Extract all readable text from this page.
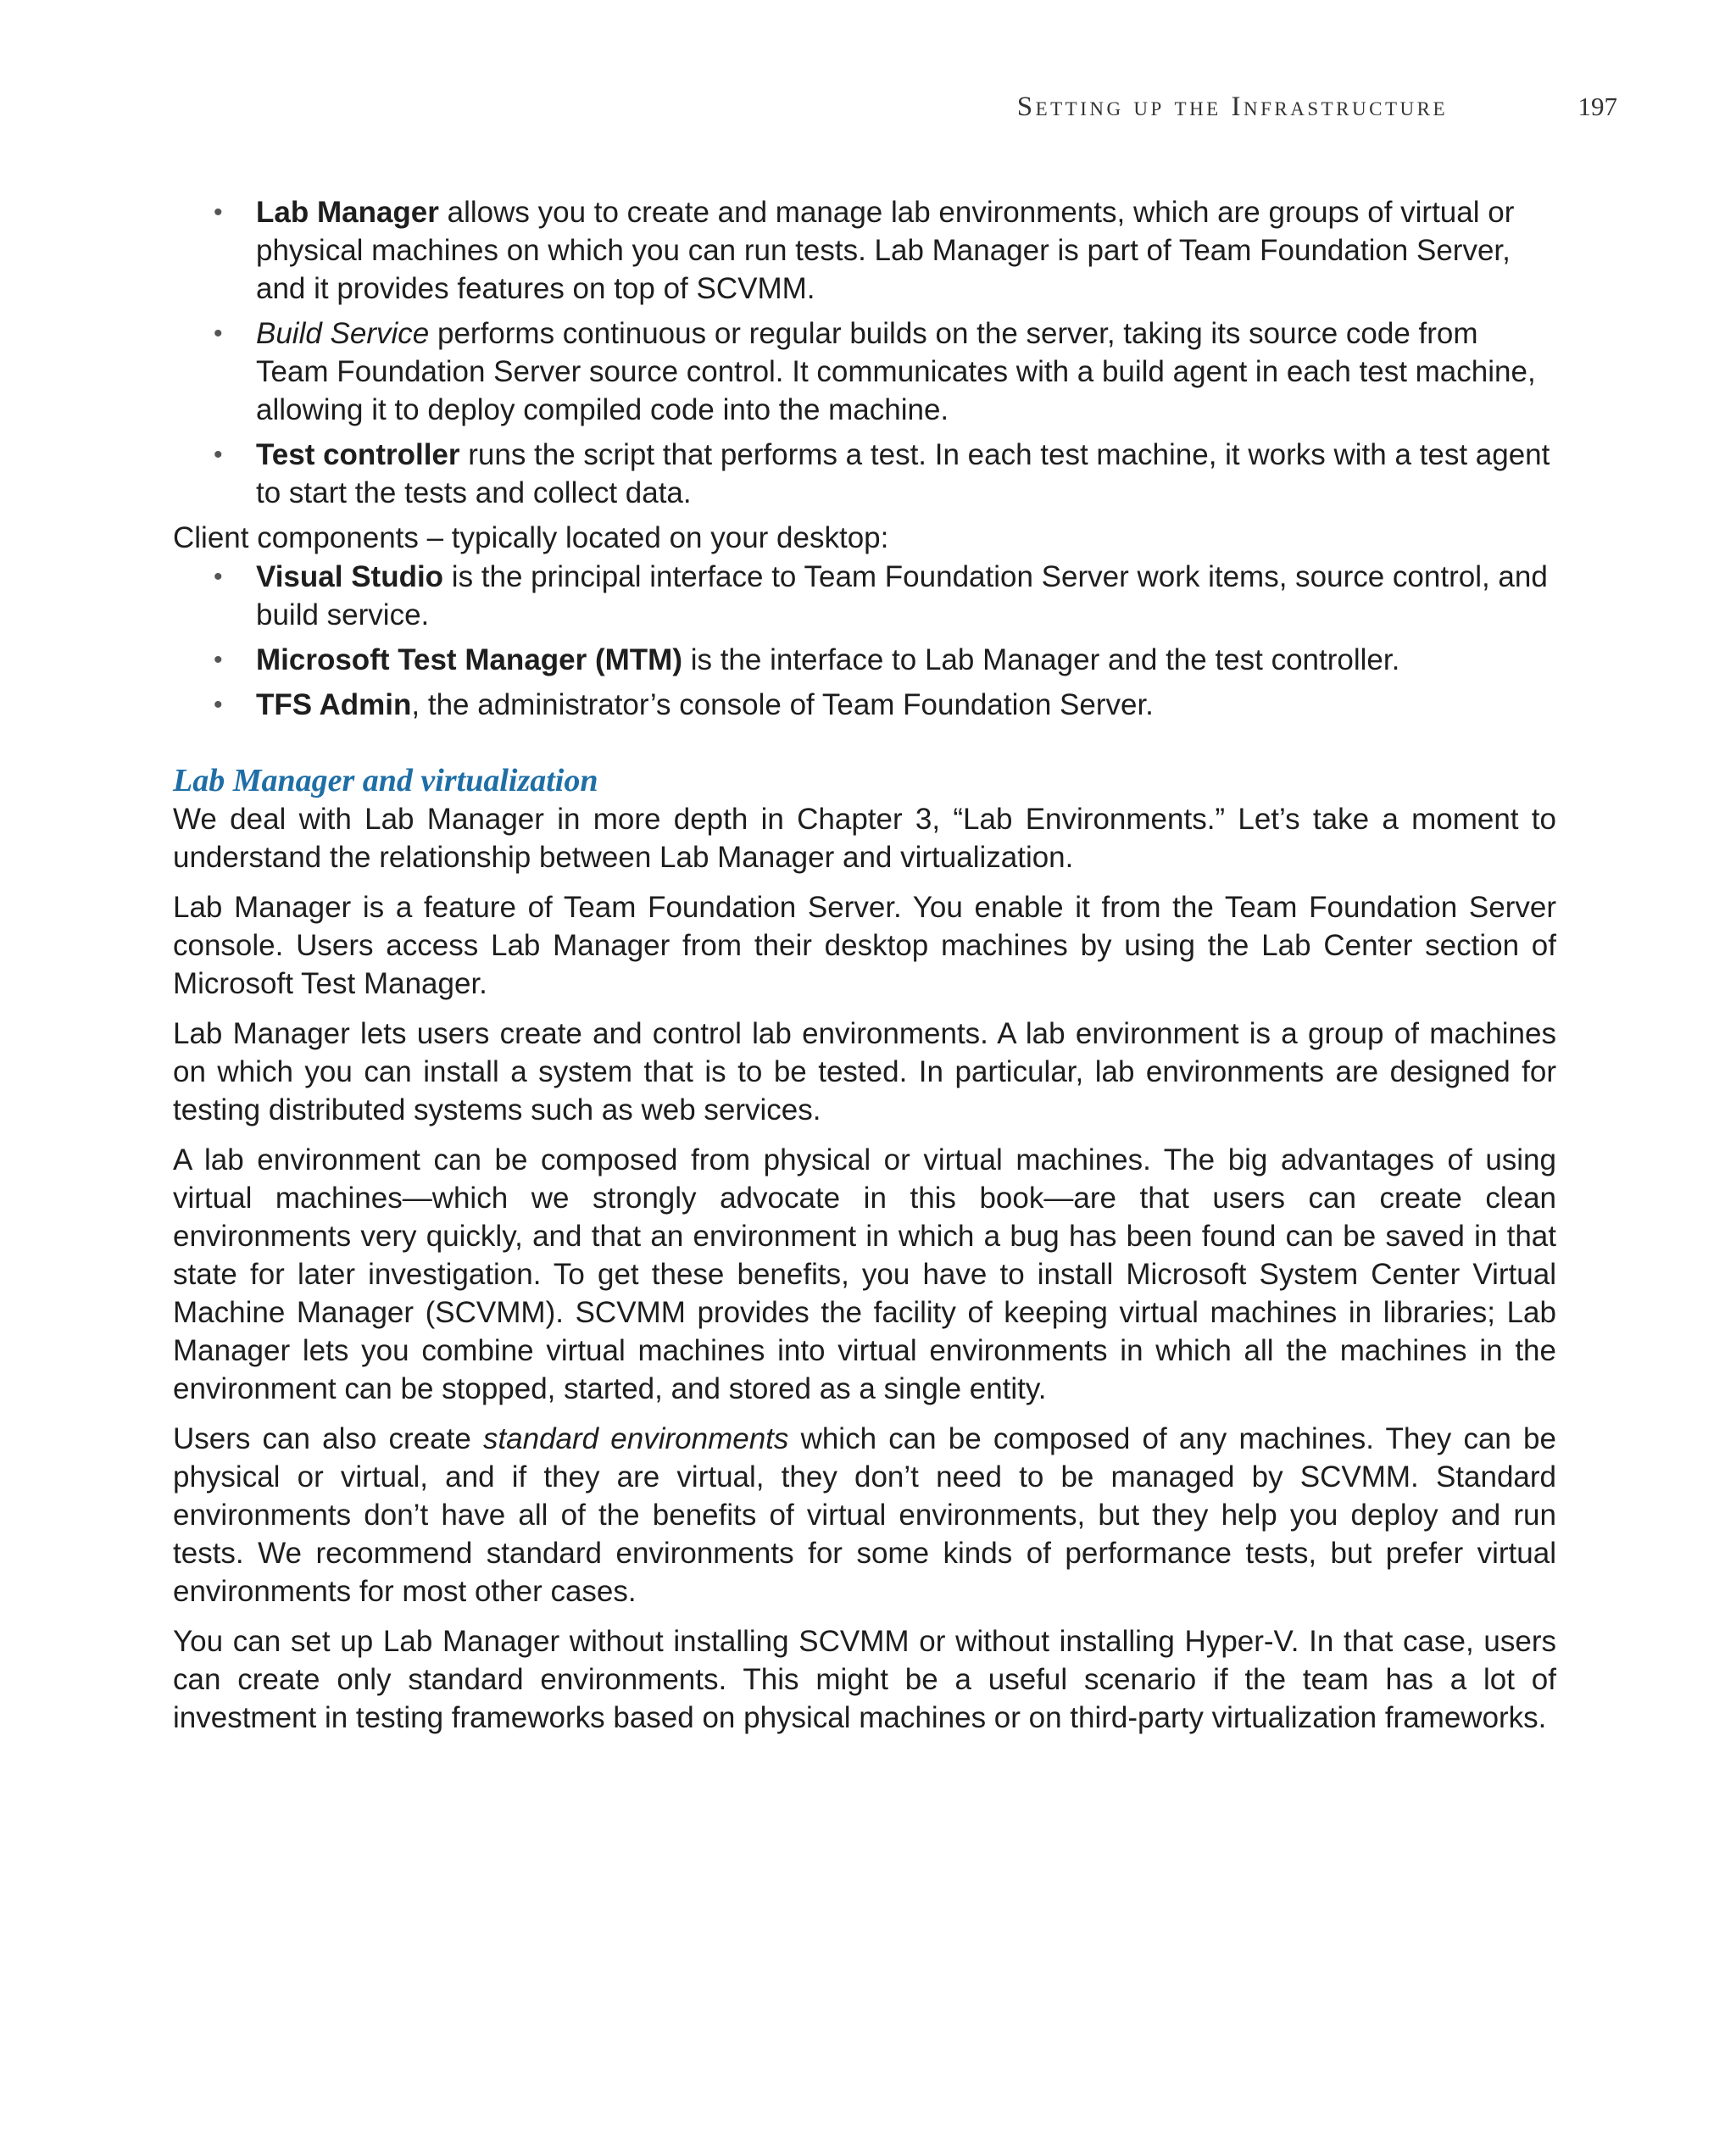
Setting up the Infrastructure	197
• Lab Manager allows you to create and manage lab environments, which are groups of virtual or physical machines on which you can run tests. Lab Manager is part of Team Foundation Server, and it provides features on top of SCVMM.
• Build Service performs continuous or regular builds on the server, taking its source code from Team Foundation Server source control. It communicates with a build agent in each test machine, allowing it to deploy compiled code into the machine.
• Test controller runs the script that performs a test. In each test machine, it works with a test agent to start the tests and collect data.

Client components – typically located on your desktop:

• Visual Studio is the principal interface to Team Foundation Server work items, source control, and build service.
• Microsoft Test Manager (MTM) is the interface to Lab Manager and the test controller.
• TFS Admin, the administrator’s console of Team Foundation Server.
Lab Manager and virtualization

We deal with Lab Manager in more depth in Chapter 3, “Lab Environments.” Let’s take a moment to understand the relationship between Lab Manager and virtualization.

Lab Manager is a feature of Team Foundation Server. You enable it from the Team Foundation Server console. Users access Lab Manager from their desktop machines by using the Lab Center section of Microsoft Test Manager.

Lab Manager lets users create and control lab environments. A lab environment is a group of machines on which you can install a system that is to be tested. In particular, lab environments are designed for testing distributed systems such as web services.

A lab environment can be composed from physical or virtual machines. The big advantages of using virtual machines—which we strongly advocate in this book—are that users can create clean environments very quickly, and that an environment in which a bug has been found can be saved in that state for later investigation. To get these benefits, you have to install Microsoft System Center Virtual Machine Manager (SCVMM). SCVMM provides the facility of keeping virtual machines in libraries; Lab Manager lets you combine virtual machines into virtual environments in which all the machines in the environment can be stopped, started, and stored as a single entity.

Users can also create standard environments which can be composed of any machines. They can be physical or virtual, and if they are virtual, they don’t need to be managed by SCVMM. Standard environments don’t have all of the benefits of virtual environments, but they help you deploy and run tests. We recommend standard environments for some kinds of performance tests, but prefer virtual environments for most other cases.

You can set up Lab Manager without installing SCVMM or without installing Hyper-V. In that case, users can create only standard environments. This might be a useful scenario if the team has a lot of investment in testing frameworks based on physical machines or on third-party virtualization frameworks.
